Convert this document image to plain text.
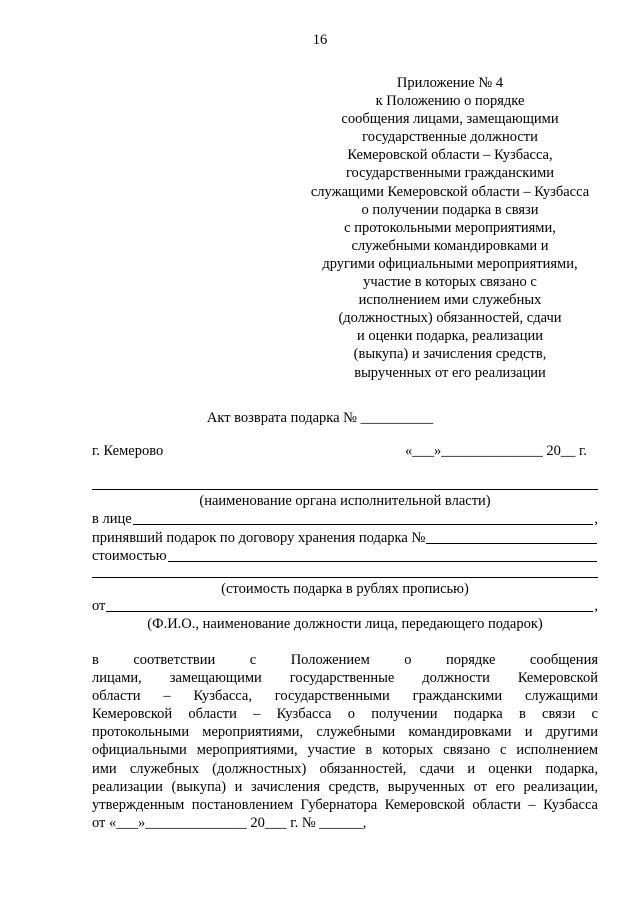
16
Приложение № 4
к Положению о порядке
сообщения лицами, замещающими
государственные должности
Кемеровской области – Кузбасса,
государственными гражданскими
служащими Кемеровской области – Кузбасса
о получении подарка в связи
с протокольными мероприятиями,
служебными командировками и
другими официальными мероприятиями,
участие в которых связано с
исполнением ими служебных
(должностных) обязанностей, сдачи
и оценки подарка, реализации
(выкупа) и зачисления средств,
вырученных от его реализации
Акт возврата подарка № __________
г. Кемерово	«___»______________ 20__ г.
(наименование органа исполнительной власти)
в лице	,
принявший подарок по договору хранения подарка №
стоимостью
(стоимость подарка в рублях прописью)
от	,
(Ф.И.О., наименование должности лица, передающего подарок)
в соответствии с Положением о порядке сообщения
лицами, замещающими государственные должности Кемеровской
области – Кузбасса, государственными гражданскими служащими
Кемеровской области – Кузбасса о получении подарка в связи с
протокольными мероприятиями, служебными командировками и другими
официальными мероприятиями, участие в которых связано с исполнением
ими служебных (должностных) обязанностей, сдачи и оценки подарка,
реализации (выкупа) и зачисления средств, вырученных от его реализации,
утвержденным постановлением Губернатора Кемеровской области – Кузбасса
от «___»______________ 20___ г. № ______,
